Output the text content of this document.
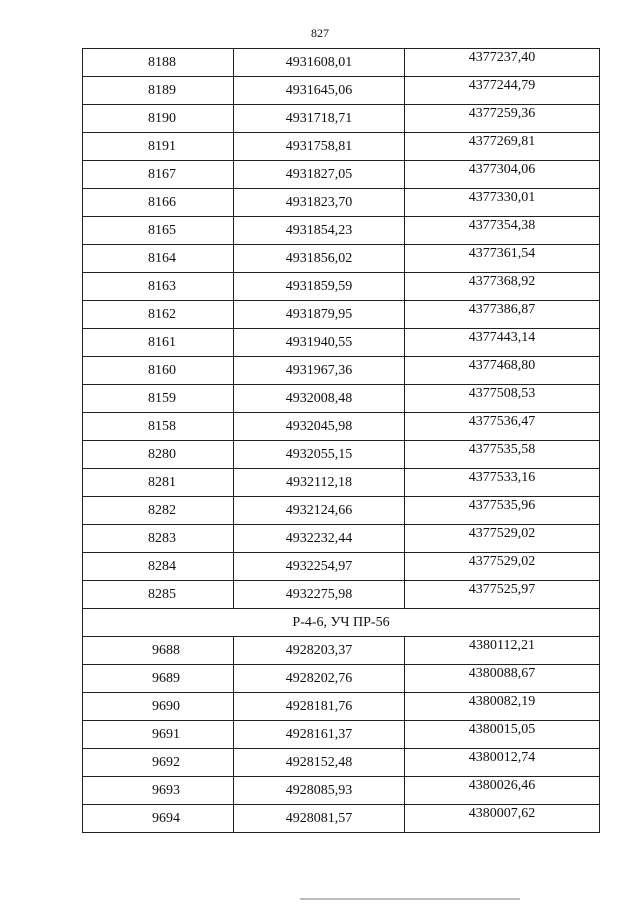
827
8188	4931608,01	4377237,40
8189	4931645,06	4377244,79
8190	4931718,71	4377259,36
8191	4931758,81	4377269,81
8167	4931827,05	4377304,06
8166	4931823,70	4377330,01
8165	4931854,23	4377354,38
8164	4931856,02	4377361,54
8163	4931859,59	4377368,92
8162	4931879,95	4377386,87
8161	4931940,55	4377443,14
8160	4931967,36	4377468,80
8159	4932008,48	4377508,53
8158	4932045,98	4377536,47
8280	4932055,15	4377535,58
8281	4932112,18	4377533,16
8282	4932124,66	4377535,96
8283	4932232,44	4377529,02
8284	4932254,97	4377529,02
8285	4932275,98	4377525,97
Р-4-6, УЧ ПР-56		
9688	4928203,37	4380112,21
9689	4928202,76	4380088,67
9690	4928181,76	4380082,19
9691	4928161,37	4380015,05
9692	4928152,48	4380012,74
9693	4928085,93	4380026,46
9694	4928081,57	4380007,62
